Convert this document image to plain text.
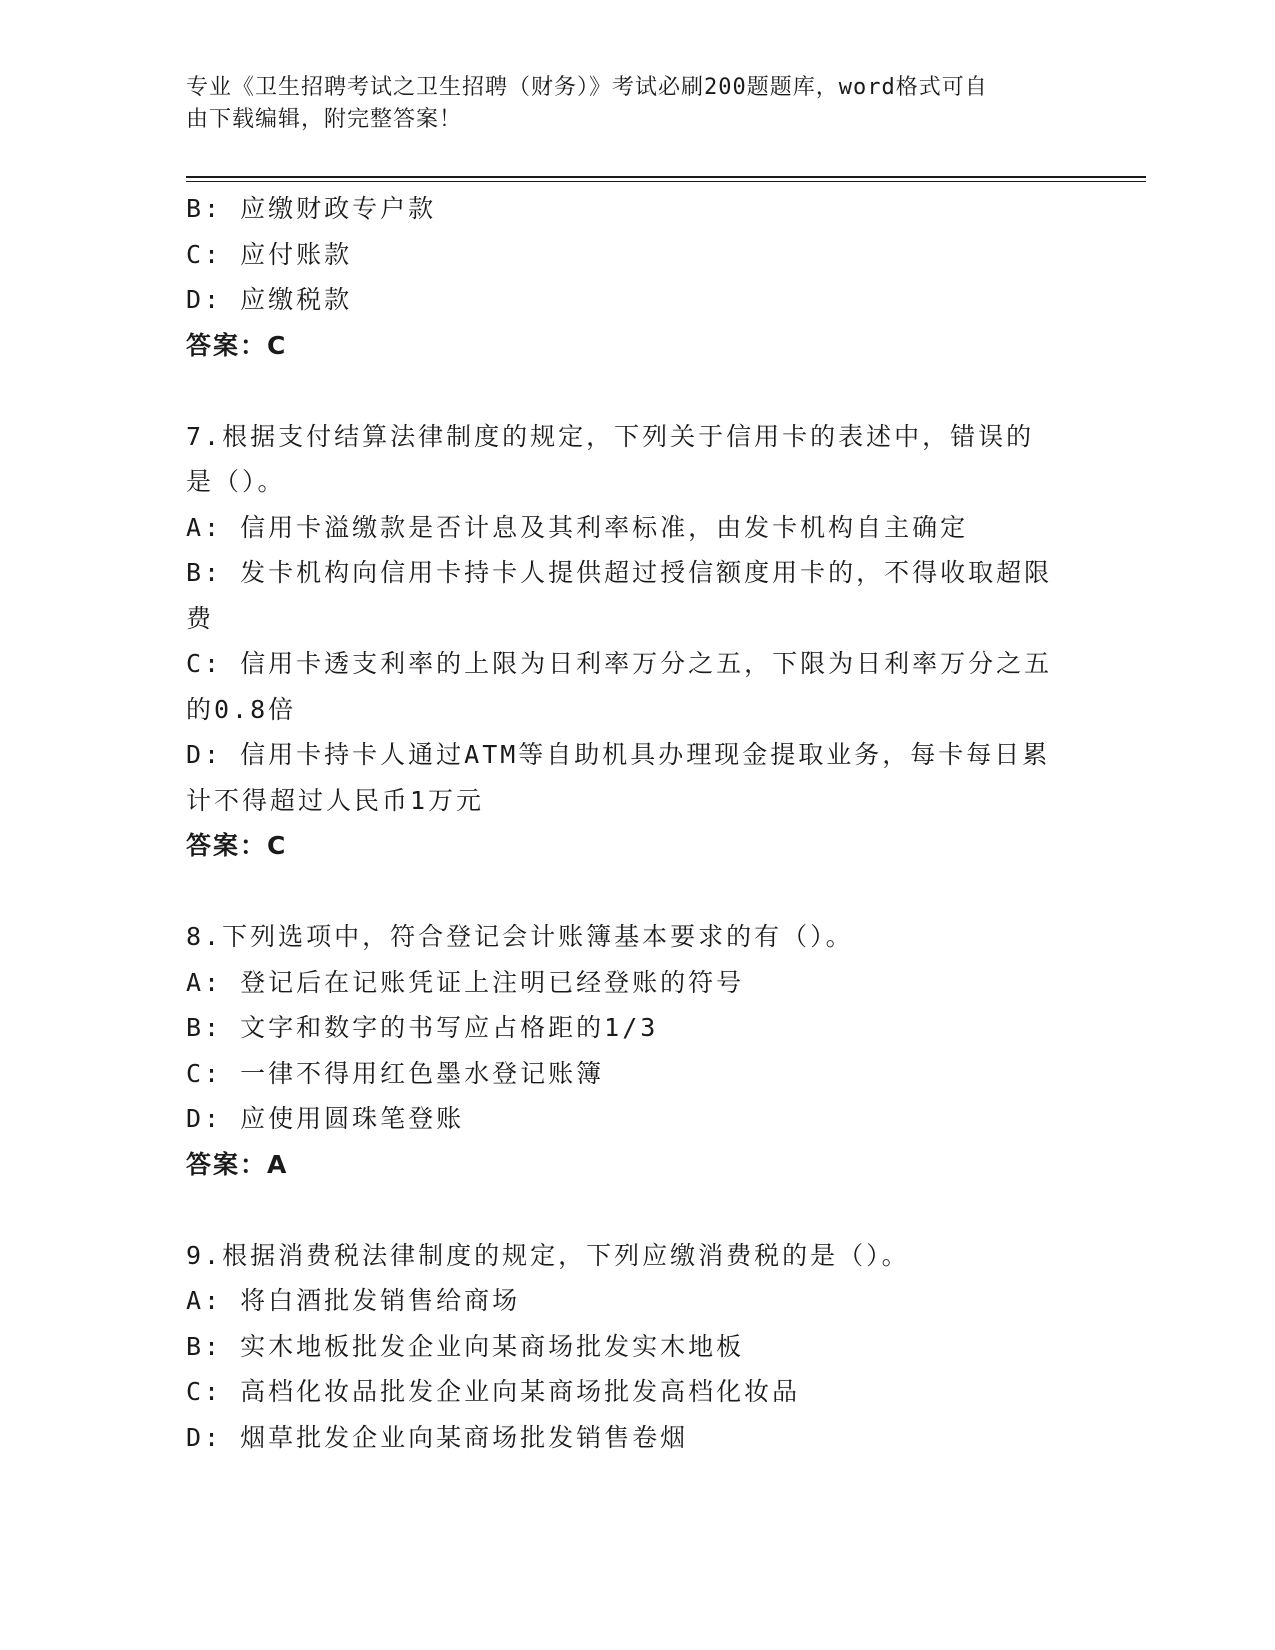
专业《卫生招聘考试之卫生招聘（财务）》考试必刷200题题库，word格式可自
由下载编辑，附完整答案！
B: 应缴财政专户款
C: 应付账款
D: 应缴税款
答案：C
7.根据支付结算法律制度的规定，下列关于信用卡的表述中，错误的
是（）。
A: 信用卡溢缴款是否计息及其利率标准，由发卡机构自主确定
B: 发卡机构向信用卡持卡人提供超过授信额度用卡的，不得收取超限
费
C: 信用卡透支利率的上限为日利率万分之五，下限为日利率万分之五
的0.8倍
D: 信用卡持卡人通过ATM等自助机具办理现金提取业务，每卡每日累
计不得超过人民币1万元
答案：C
8.下列选项中，符合登记会计账簿基本要求的有（）。
A: 登记后在记账凭证上注明已经登账的符号
B: 文字和数字的书写应占格距的1/3
C: 一律不得用红色墨水登记账簿
D: 应使用圆珠笔登账
答案：A
9.根据消费税法律制度的规定，下列应缴消费税的是（）。
A: 将白酒批发销售给商场
B: 实木地板批发企业向某商场批发实木地板
C: 高档化妆品批发企业向某商场批发高档化妆品
D: 烟草批发企业向某商场批发销售卷烟
